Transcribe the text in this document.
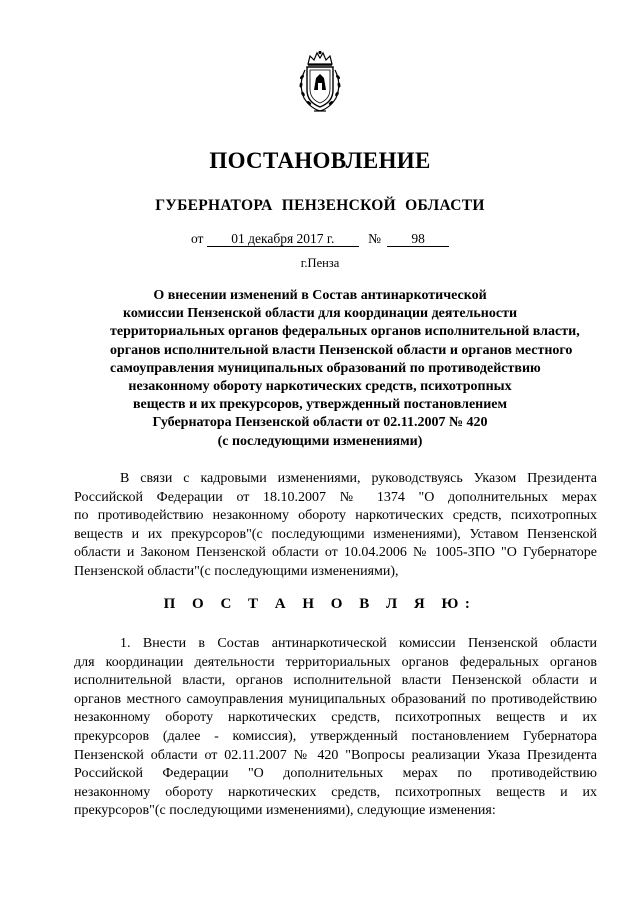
ПОСТАНОВЛЕНИЕ
ГУБЕРНАТОРА ПЕНЗЕНСКОЙ ОБЛАСТИ
от 01 декабря 2017 г.	№ 98
г.Пенза
О внесении изменений в Состав антинаркотической
комиссии Пензенской области для координации деятельности
территориальных органов федеральных органов исполнительной власти,
органов исполнительной власти Пензенской области и органов местного
самоуправления муниципальных образований по противодействию
незаконному обороту наркотических средств, психотропных
веществ и их прекурсоров, утвержденный постановлением
Губернатора Пензенской области от 02.11.2007 № 420
(с последующими изменениями)
В связи с кадровыми изменениями, руководствуясь Указом Президента
Российской Федерации от 18.10.2007 № 1374 "О дополнительных мерах
по противодействию незаконному обороту наркотических средств, психотропных
веществ и их прекурсоров"(с последующими изменениями), Уставом Пензенской
области и Законом Пензенской области от 10.04.2006 № 1005-ЗПО "О Губернаторе
Пензенской области"(с последующими изменениями),
П О С Т А Н О В Л Я Ю:
1. Внести в Состав антинаркотической комиссии Пензенской области
для координации деятельности территориальных органов федеральных органов
исполнительной власти, органов исполнительной власти Пензенской области и
органов местного самоуправления муниципальных образований по противодействию
незаконному обороту наркотических средств, психотропных веществ и их
прекурсоров (далее - комиссия), утвержденный постановлением Губернатора
Пензенской области от 02.11.2007 № 420 "Вопросы реализации Указа Президента
Российской Федерации "О дополнительных мерах по противодействию
незаконному обороту наркотических средств, психотропных веществ и их
прекурсоров"(с последующими изменениями), следующие изменения:
